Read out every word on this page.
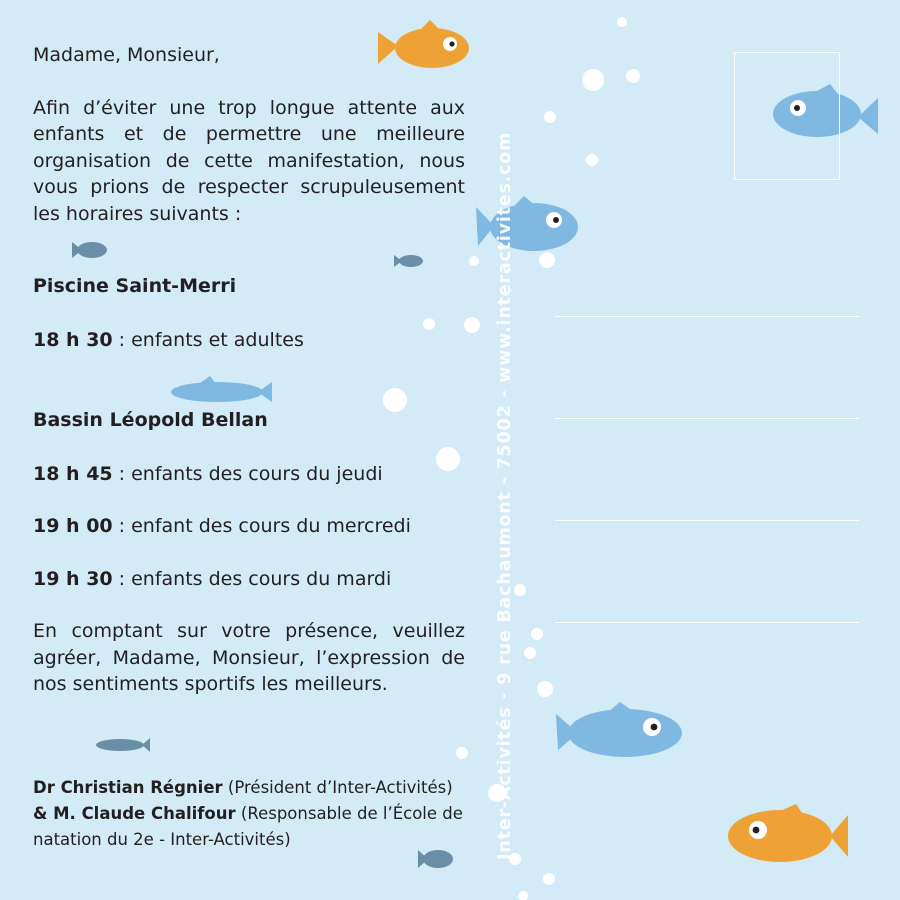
Inter-Activités - 9 rue Bachaumont - 75002 - www.interactivites.com

Madame, Monsieur,

Afin d’éviter une trop longue attente aux enfants et de permettre une meilleure organisation de cette manifestation, nous vous prions de respecter scrupuleusement les horaires suivants :

Piscine Saint-Merri

18 h 30 : enfants et adultes

Bassin Léopold Bellan

18 h 45 : enfants des cours du jeudi

19 h 00 : enfant des cours du mercredi

19 h 30 : enfants des cours du mardi

En comptant sur votre présence, veuillez agréer, Madame, Monsieur, l’expression de nos sentiments sportifs les meilleurs.

Dr Christian Régnier (Président d’Inter-Activités)
& M. Claude Chalifour (Responsable de l’École de natation du 2e - Inter-Activités)
